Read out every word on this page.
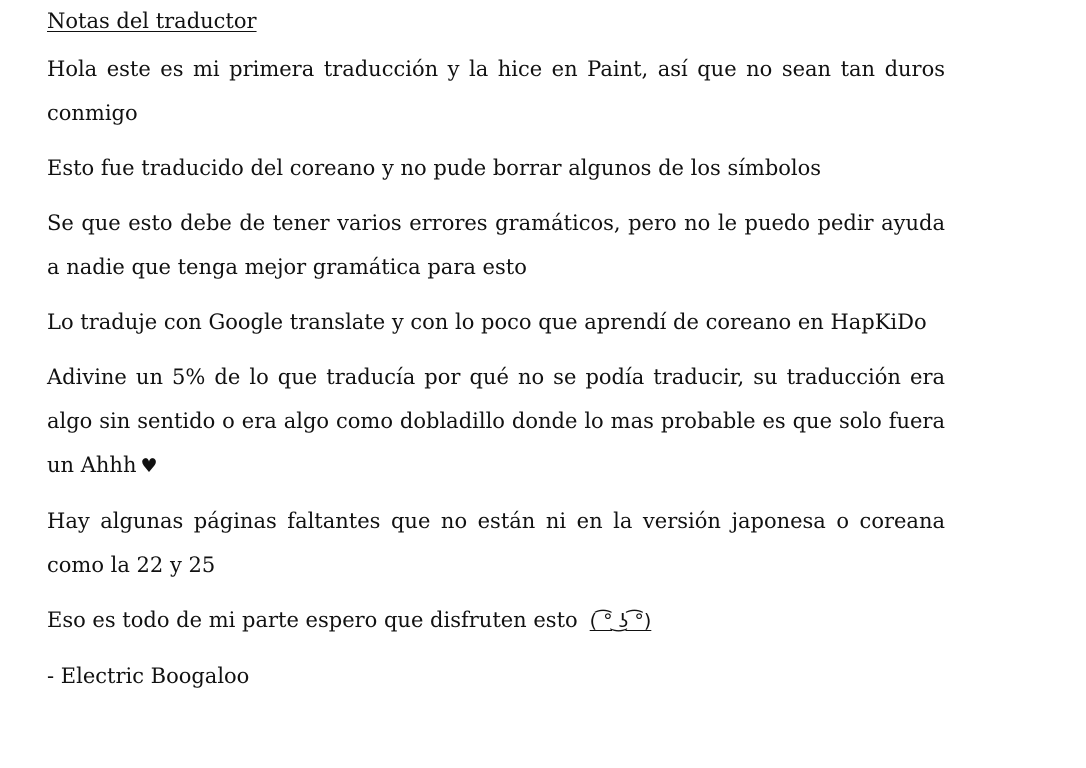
Notas del traductor

Hola este es mi primera traducción y la hice en Paint, así que no sean tan duros conmigo

Esto fue traducido del coreano y no pude borrar algunos de los símbolos

Se que esto debe de tener varios errores gramáticos, pero no le puedo pedir ayuda a nadie que tenga mejor gramática para esto

Lo traduje con Google translate y con lo poco que aprendí de coreano en HapKiDo

Adivine un 5% de lo que traducía por qué no se podía traducir, su traducción era algo sin sentido o era algo como dobladillo donde lo mas probable es que solo fuera un Ahhh ♥

Hay algunas páginas faltantes que no están ni en la versión japonesa o coreana como la 22 y 25

Eso es todo de mi parte espero que disfruten esto ( ͡° ͜ʖ ͡°)

- Electric Boogaloo
